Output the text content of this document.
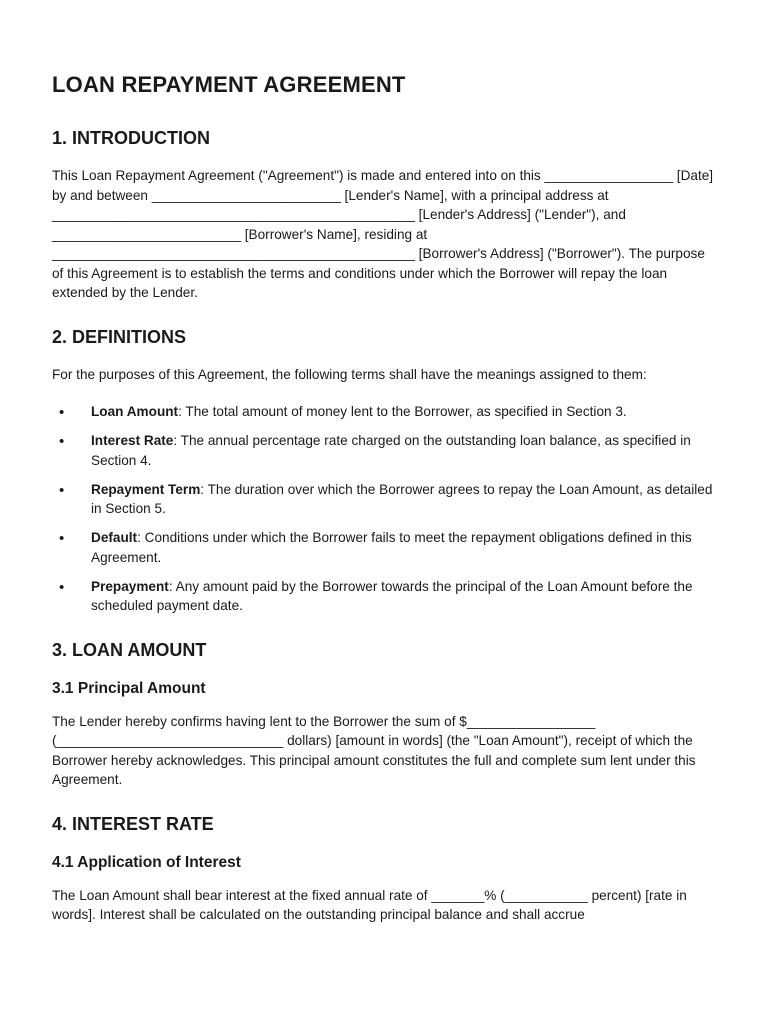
LOAN REPAYMENT AGREEMENT
1. INTRODUCTION

This Loan Repayment Agreement ("Agreement") is made and entered into on this _________________ [Date] by and between _________________________ [Lender's Name], with a principal address at ________________________________________________ [Lender's Address] ("Lender"), and _________________________ [Borrower's Name], residing at ________________________________________________ [Borrower's Address] ("Borrower"). The purpose of this Agreement is to establish the terms and conditions under which the Borrower will repay the loan extended by the Lender.

2. DEFINITIONS

For the purposes of this Agreement, the following terms shall have the meanings assigned to them:

• Loan Amount: The total amount of money lent to the Borrower, as specified in Section 3.
• Interest Rate: The annual percentage rate charged on the outstanding loan balance, as specified in Section 4.
• Repayment Term: The duration over which the Borrower agrees to repay the Loan Amount, as detailed in Section 5.
• Default: Conditions under which the Borrower fails to meet the repayment obligations defined in this Agreement.
• Prepayment: Any amount paid by the Borrower towards the principal of the Loan Amount before the scheduled payment date.
3. LOAN AMOUNT
3.1 Principal Amount

The Lender hereby confirms having lent to the Borrower the sum of $_________________ (______________________________ dollars) [amount in words] (the "Loan Amount"), receipt of which the Borrower hereby acknowledges. This principal amount constitutes the full and complete sum lent under this Agreement.

4. INTEREST RATE
4.1 Application of Interest

The Loan Amount shall bear interest at the fixed annual rate of _______% (___________ percent) [rate in words]. Interest shall be calculated on the outstanding principal balance and shall accrue
